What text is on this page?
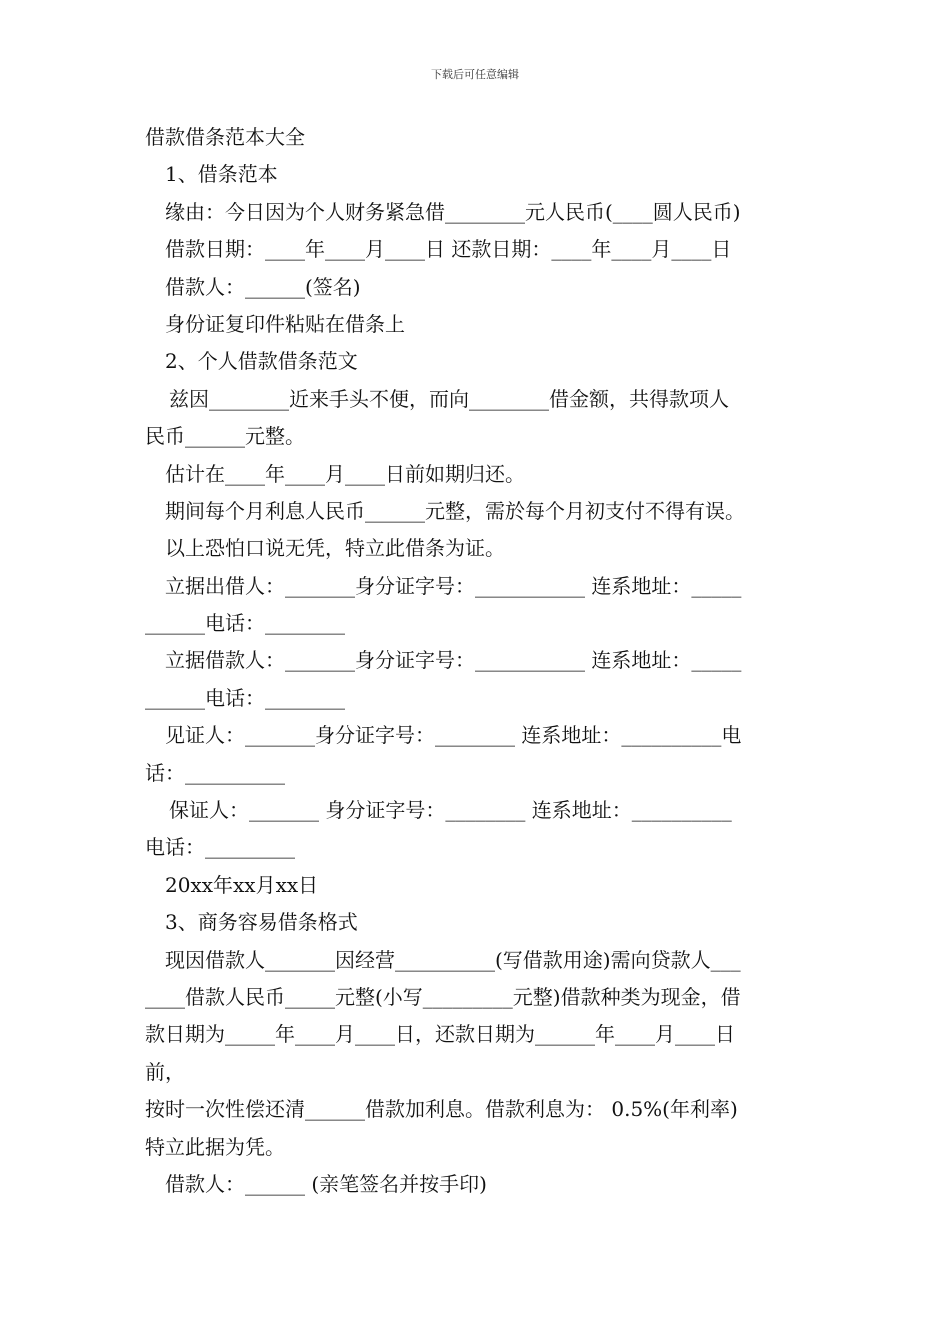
下载后可任意编辑
借款借条范本大全
1、借条范本
缘由：今日因为个人财务紧急借________元人民币(____圆人民币)
借款日期：____年____月____日 还款日期：____年____月____日
借款人：______(签名)
身份证复印件粘贴在借条上
2、个人借款借条范文
兹因________近来手头不便，而向________借金额，共得款项人
民币______元整。
估计在____年____月____日前如期归还。
期间每个月利息人民币______元整，需於每个月初支付不得有误。
以上恐怕口说无凭，特立此借条为证。
立据出借人：_______身分证字号：___________ 连系地址：_____
______电话：________
立据借款人：_______身分证字号：___________ 连系地址：_____
______电话：________
见证人：_______身分证字号：________ 连系地址：__________电
话：__________
保证人：_______ 身分证字号：________ 连系地址：__________
电话：_________
20xx年xx月xx日
3、商务容易借条格式
现因借款人_______因经营__________(写借款用途)需向贷款人___
____借款人民币_____元整(小写_________元整)借款种类为现金，借
款日期为_____年____月____日，还款日期为______年____月____日
前，
按时一次性偿还清______借款加利息。借款利息为： 0.5%(年利率)
特立此据为凭。
借款人：______ (亲笔签名并按手印)
